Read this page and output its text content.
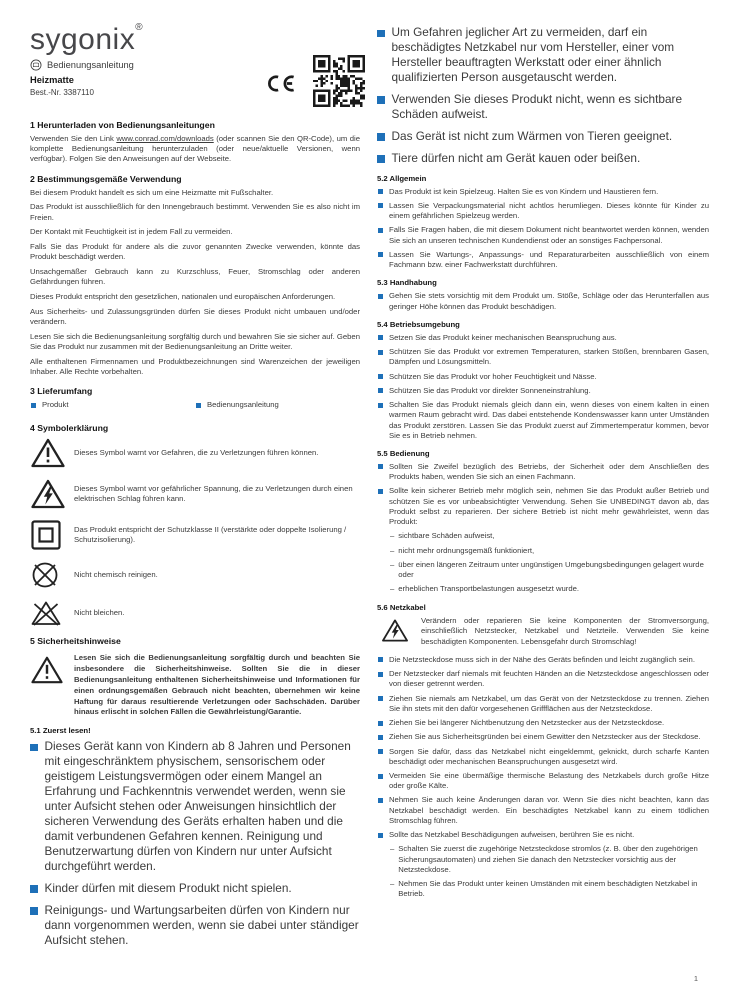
sygonix®
Bedienungsanleitung
Heizmatte
Best.-Nr. 3387110
1 Herunterladen von Bedienungsanleitungen

Verwenden Sie den Link www.conrad.com/downloads (oder scannen Sie den QR-Code), um die komplette Bedienungsanleitung herunterzuladen (oder neue/aktuelle Versionen, wenn verfügbar). Folgen Sie den Anweisungen auf der Webseite.

2 Bestimmungsgemäße Verwendung

Bei diesem Produkt handelt es sich um eine Heizmatte mit Fußschalter.

Das Produkt ist ausschließlich für den Innengebrauch bestimmt. Verwenden Sie es also nicht im Freien.

Der Kontakt mit Feuchtigkeit ist in jedem Fall zu vermeiden.

Falls Sie das Produkt für andere als die zuvor genannten Zwecke verwenden, könnte das Produkt beschädigt werden.

Unsachgemäßer Gebrauch kann zu Kurzschluss, Feuer, Stromschlag oder anderen Gefährdungen führen.

Dieses Produkt entspricht den gesetzlichen, nationalen und europäischen Anforderungen.

Aus Sicherheits- und Zulassungsgründen dürfen Sie dieses Produkt nicht umbauen und/oder verändern.

Lesen Sie sich die Bedienungsanleitung sorgfältig durch und bewahren Sie sie sicher auf. Geben Sie das Produkt nur zusammen mit der Bedienungsanleitung an Dritte weiter.

Alle enthaltenen Firmennamen und Produktbezeichnungen sind Warenzeichen der jeweiligen Inhaber. Alle Rechte vorbehalten.

3 Lieferumfang
Produkt	Bedienungsanleitung
4 Symbolerklärung
Dieses Symbol warnt vor Gefahren, die zu Verletzungen führen können.
Dieses Symbol warnt vor gefährlicher Spannung, die zu Verletzungen durch einen elektrischen Schlag führen kann.
Das Produkt entspricht der Schutzklasse II (verstärkte oder doppelte Isolierung / Schutzisolierung).
Nicht chemisch reinigen.
Nicht bleichen.
5 Sicherheitshinweise
Lesen Sie sich die Bedienungsanleitung sorgfältig durch und beachten Sie insbesondere die Sicherheitshinweise. Sollten Sie die in dieser Bedienungsanleitung enthaltenen Sicherheitshinweise und Informationen für einen ordnungsgemäßen Gebrauch nicht beachten, übernehmen wir keine Haftung für daraus resultierende Verletzungen oder Sachschäden. Darüber hinaus erlischt in solchen Fällen die Gewährleistung/Garantie.
5.1 Zuerst lesen!
Dieses Gerät kann von Kindern ab 8 Jahren und Personen mit eingeschränktem physischem, sensorischem oder geistigem Leistungsvermögen oder einem Mangel an Erfahrung und Fachkenntnis verwendet werden, wenn sie unter Aufsicht stehen oder Anweisungen hinsichtlich der sicheren Verwendung des Geräts erhalten haben und die damit verbundenen Gefahren kennen. Reinigung und Benutzerwartung dürfen von Kindern nur unter Aufsicht durchgeführt werden.
Kinder dürfen mit diesem Produkt nicht spielen.
Reinigungs- und Wartungsarbeiten dürfen von Kindern nur dann vorgenommen werden, wenn sie dabei unter ständiger Aufsicht stehen.
Um Gefahren jeglicher Art zu vermeiden, darf ein beschädigtes Netzkabel nur vom Hersteller, einer vom Hersteller beauftragten Werkstatt oder einer ähnlich qualifizierten Person ausgetauscht werden.
Verwenden Sie dieses Produkt nicht, wenn es sichtbare Schäden aufweist.
Das Gerät ist nicht zum Wärmen von Tieren geeignet.
Tiere dürfen nicht am Gerät kauen oder beißen.
5.2 Allgemein
Das Produkt ist kein Spielzeug. Halten Sie es von Kindern und Haustieren fern.
Lassen Sie Verpackungsmaterial nicht achtlos herumliegen. Dieses könnte für Kinder zu einem gefährlichen Spielzeug werden.
Falls Sie Fragen haben, die mit diesem Dokument nicht beantwortet werden können, wenden Sie sich an unseren technischen Kundendienst oder an sonstiges Fachpersonal.
Lassen Sie Wartungs-, Anpassungs- und Reparaturarbeiten ausschließlich von einem Fachmann bzw. einer Fachwerkstatt durchführen.
5.3 Handhabung
Gehen Sie stets vorsichtig mit dem Produkt um. Stöße, Schläge oder das Herunterfallen aus geringer Höhe können das Produkt beschädigen.
5.4 Betriebsumgebung
Setzen Sie das Produkt keiner mechanischen Beanspruchung aus.
Schützen Sie das Produkt vor extremen Temperaturen, starken Stößen, brennbaren Gasen, Dämpfen und Lösungsmitteln.
Schützen Sie das Produkt vor hoher Feuchtigkeit und Nässe.
Schützen Sie das Produkt vor direkter Sonneneinstrahlung.
Schalten Sie das Produkt niemals gleich dann ein, wenn dieses von einem kalten in einen warmen Raum gebracht wird. Das dabei entstehende Kondenswasser kann unter Umständen das Produkt zerstören. Lassen Sie das Produkt zuerst auf Zimmertemperatur kommen, bevor Sie es in Betrieb nehmen.
5.5 Bedienung
Sollten Sie Zweifel bezüglich des Betriebs, der Sicherheit oder dem Anschließen des Produkts haben, wenden Sie sich an einen Fachmann.
Sollte kein sicherer Betrieb mehr möglich sein, nehmen Sie das Produkt außer Betrieb und schützen Sie es vor unbeabsichtigter Verwendung. Sehen Sie UNBEDINGT davon ab, das Produkt selbst zu reparieren. Der sichere Betrieb ist nicht mehr gewährleistet, wenn das Produkt:
– sichtbare Schäden aufweist,
– nicht mehr ordnungsgemäß funktioniert,
– über einen längeren Zeitraum unter ungünstigen Umgebungsbedingungen gelagert wurde oder
– erheblichen Transportbelastungen ausgesetzt wurde.
5.6 Netzkabel
Verändern oder reparieren Sie keine Komponenten der Stromversorgung, einschließlich Netzstecker, Netzkabel und Netzteile. Verwenden Sie keine beschädigten Komponenten. Lebensgefahr durch Stromschlag!
Die Netzsteckdose muss sich in der Nähe des Geräts befinden und leicht zugänglich sein.
Der Netzstecker darf niemals mit feuchten Händen an die Netzsteckdose angeschlossen oder von dieser getrennt werden.
Ziehen Sie niemals am Netzkabel, um das Gerät von der Netzsteckdose zu trennen. Ziehen Sie ihn stets mit den dafür vorgesehenen Griffflächen aus der Netzsteckdose.
Ziehen Sie bei längerer Nichtbenutzung den Netzstecker aus der Netzsteckdose.
Ziehen Sie aus Sicherheitsgründen bei einem Gewitter den Netzstecker aus der Steckdose.
Sorgen Sie dafür, dass das Netzkabel nicht eingeklemmt, geknickt, durch scharfe Kanten beschädigt oder mechanischen Beanspruchungen ausgesetzt wird.
Vermeiden Sie eine übermäßige thermische Belastung des Netzkabels durch große Hitze oder große Kälte.
Nehmen Sie auch keine Änderungen daran vor. Wenn Sie dies nicht beachten, kann das Netzkabel beschädigt werden. Ein beschädigtes Netzkabel kann zu einem tödlichen Stromschlag führen.
Sollte das Netzkabel Beschädigungen aufweisen, berühren Sie es nicht.
– Schalten Sie zuerst die zugehörige Netzsteckdose stromlos (z. B. über den zugehörigen Sicherungsautomaten) und ziehen Sie danach den Netzstecker vorsichtig aus der Netzsteckdose.
– Nehmen Sie das Produkt unter keinen Umständen mit einem beschädigten Netzkabel in Betrieb.
1
